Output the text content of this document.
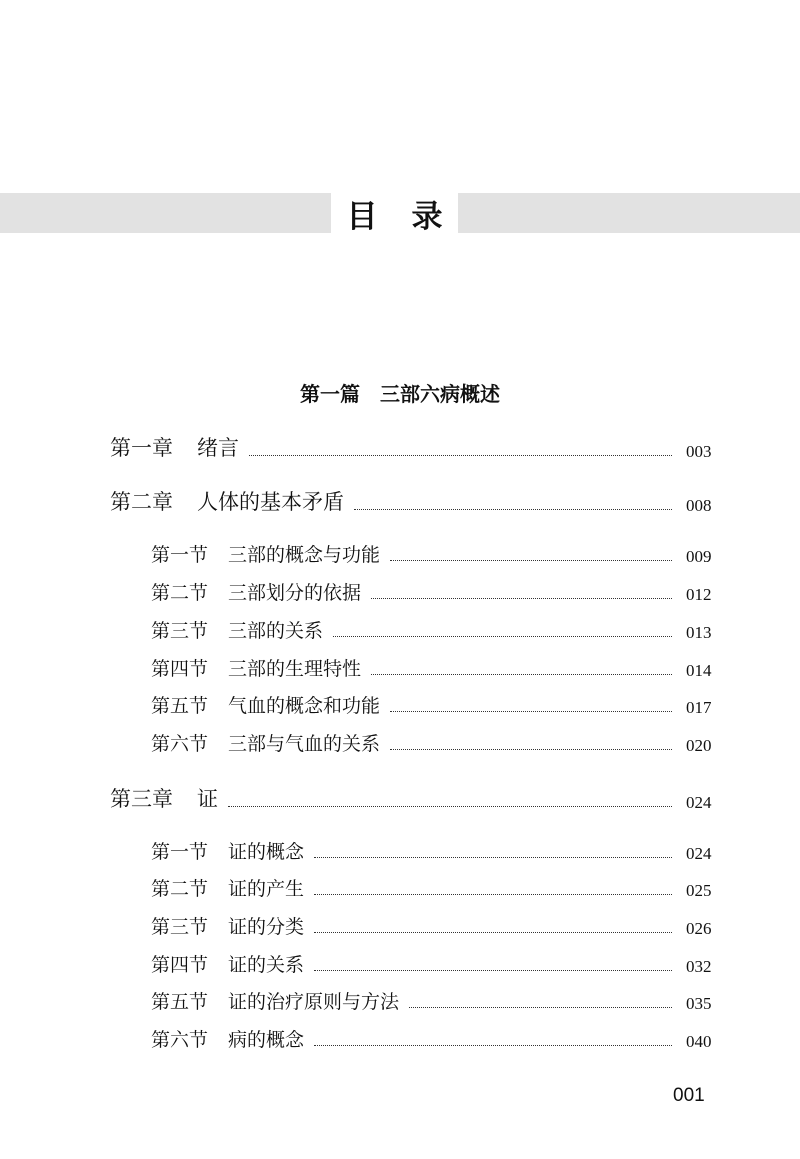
目录
第一篇　三部六病概述
第一章 绪言	003
第二章 人体的基本矛盾	008
第一节 三部的概念与功能	009
第二节 三部划分的依据	012
第三节 三部的关系	013
第四节 三部的生理特性	014
第五节 气血的概念和功能	017
第六节 三部与气血的关系	020
第三章 证	024
第一节 证的概念	024
第二节 证的产生	025
第三节 证的分类	026
第四节 证的关系	032
第五节 证的治疗原则与方法	035
第六节 病的概念	040
001
